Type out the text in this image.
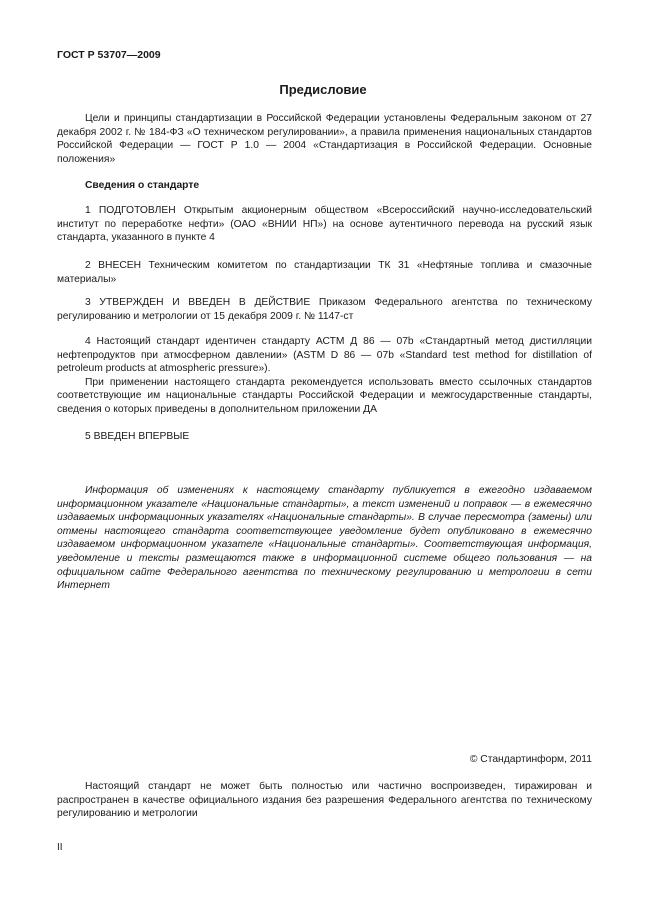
ГОСТ Р 53707—2009
Предисловие

Цели и принципы стандартизации в Российской Федерации установлены Федеральным законом от 27 декабря 2002 г. № 184-ФЗ «О техническом регулировании», а правила применения национальных стандартов Российской Федерации — ГОСТ Р 1.0 — 2004 «Стандартизация в Российской Федерации. Основные положения»

Сведения о стандарте

1 ПОДГОТОВЛЕН Открытым акционерным обществом «Всероссийский научно-исследовательский институт по переработке нефти» (ОАО «ВНИИ НП») на основе аутентичного перевода на русский язык стандарта, указанного в пункте 4

2 ВНЕСЕН Техническим комитетом по стандартизации ТК 31 «Нефтяные топлива и смазочные материалы»

3 УТВЕРЖДЕН И ВВЕДЕН В ДЕЙСТВИЕ Приказом Федерального агентства по техническому регулированию и метрологии от 15 декабря 2009 г. № 1147-ст

4 Настоящий стандарт идентичен стандарту АСТМ Д 86 — 07b «Стандартный метод дистилляции нефтепродуктов при атмосферном давлении» (ASTM D 86 — 07b «Standard test method for distillation of petroleum products at atmospheric pressure»).

При применении настоящего стандарта рекомендуется использовать вместо ссылочных стандартов соответствующие им национальные стандарты Российской Федерации и межгосударственные стандарты, сведения о которых приведены в дополнительном приложении ДА

5 ВВЕДЕН ВПЕРВЫЕ

Информация об изменениях к настоящему стандарту публикуется в ежегодно издаваемом информационном указателе «Национальные стандарты», а текст изменений и поправок — в ежемесячно издаваемых информационных указателях «Национальные стандарты». В случае пересмотра (замены) или отмены настоящего стандарта соответствующее уведомление будет опубликовано в ежемесячно издаваемом информационном указателе «Национальные стандарты». Соответствующая информация, уведомление и тексты размещаются также в информационной системе общего пользования — на официальном сайте Федерального агентства по техническому регулированию и метрологии в сети Интернет

© Стандартинформ, 2011

Настоящий стандарт не может быть полностью или частично воспроизведен, тиражирован и распространен в качестве официального издания без разрешения Федерального агентства по техническому регулированию и метрологии

II
